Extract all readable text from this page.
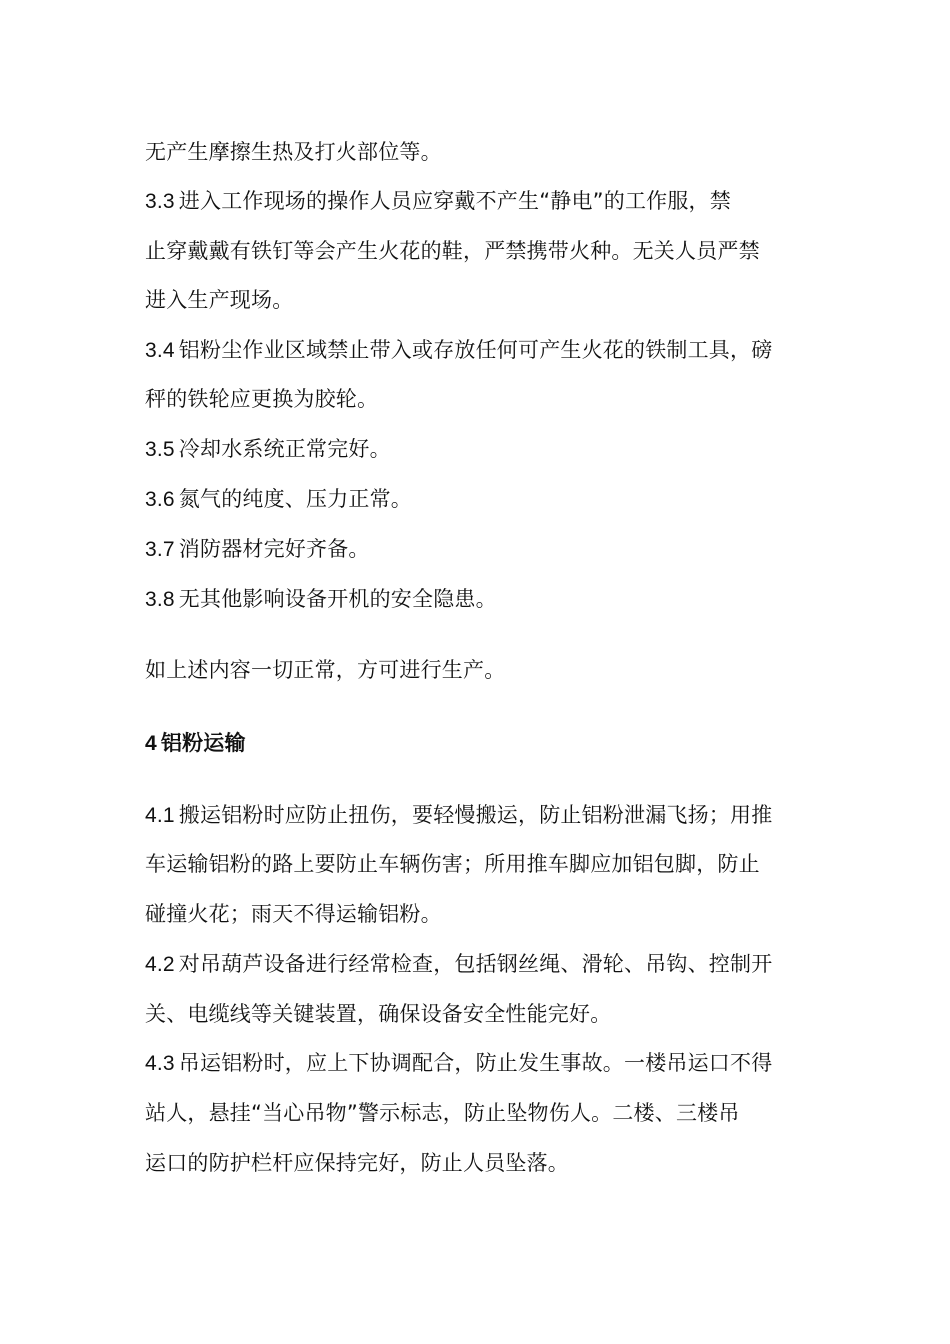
无产生摩擦生热及打火部位等。
3.3 进入工作现场的操作人员应穿戴不产生“静电”的工作服，禁
止穿戴戴有铁钉等会产生火花的鞋，严禁携带火种。无关人员严禁
进入生产现场。
3.4 铝粉尘作业区域禁止带入或存放任何可产生火花的铁制工具，磅
秤的铁轮应更换为胶轮。
3.5 冷却水系统正常完好。
3.6 氮气的纯度、压力正常。
3.7 消防器材完好齐备。
3.8 无其他影响设备开机的安全隐患。
如上述内容一切正常，方可进行生产。
4 铝粉运输
4.1 搬运铝粉时应防止扭伤，要轻慢搬运，防止铝粉泄漏飞扬；用推
车运输铝粉的路上要防止车辆伤害；所用推车脚应加铝包脚，防止
碰撞火花；雨天不得运输铝粉。
4.2 对吊葫芦设备进行经常检查，包括钢丝绳、滑轮、吊钩、控制开
关、电缆线等关键装置，确保设备安全性能完好。
4.3 吊运铝粉时，应上下协调配合，防止发生事故。一楼吊运口不得
站人，悬挂“当心吊物”警示标志，防止坠物伤人。二楼、三楼吊
运口的防护栏杆应保持完好，防止人员坠落。
